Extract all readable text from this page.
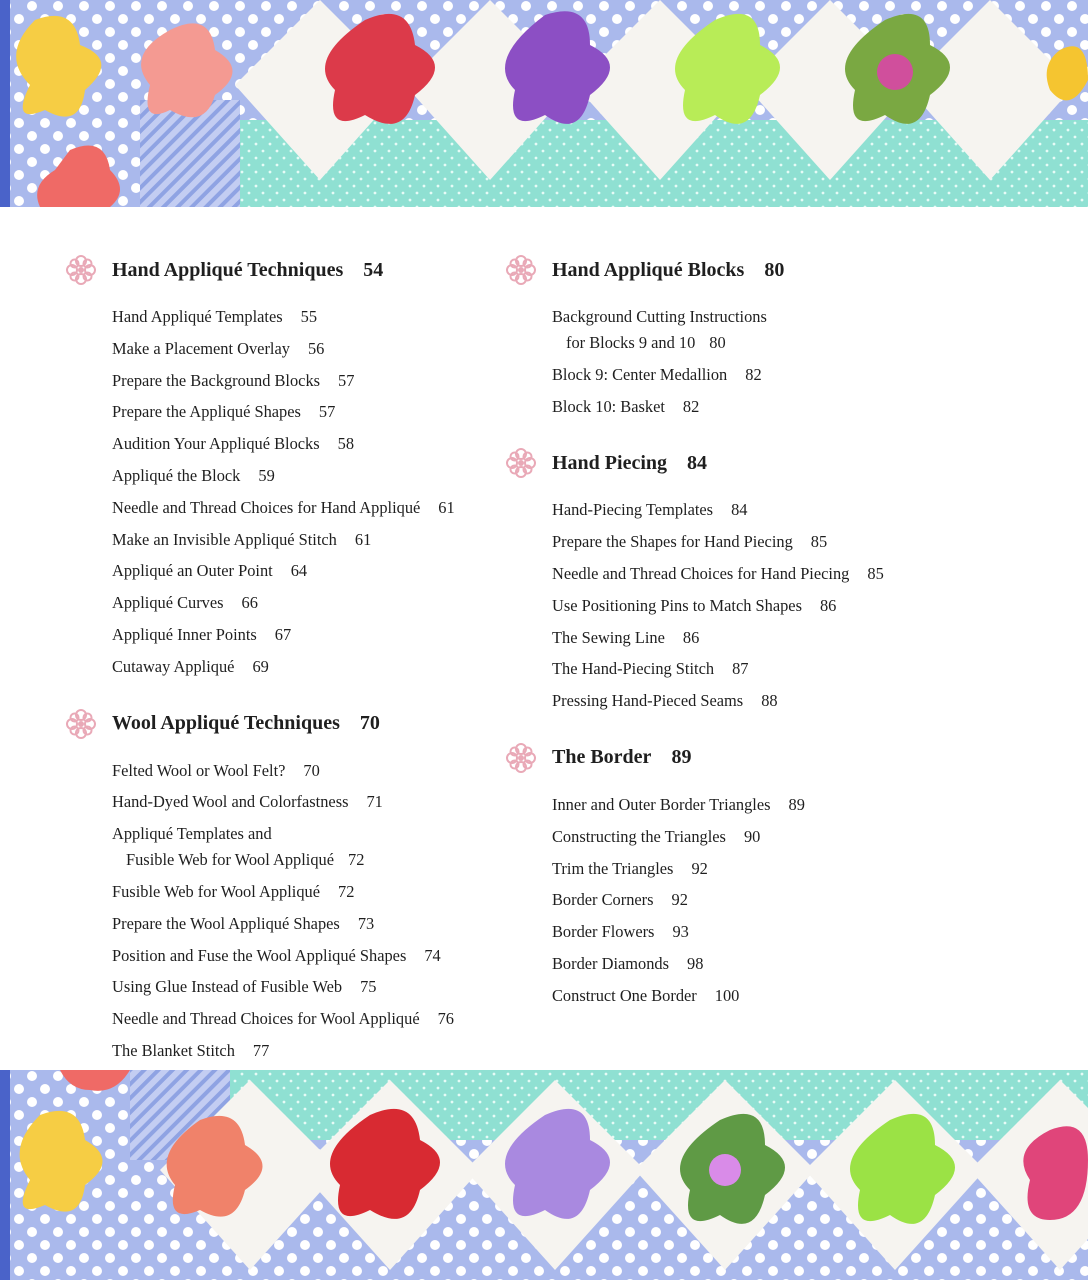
Hand Appliqué Techniques 54
Hand Appliqué Templates 55
Make a Placement Overlay 56
Prepare the Background Blocks 57
Prepare the Appliqué Shapes 57
Audition Your Appliqué Blocks 58
Appliqué the Block 59
Needle and Thread Choices for Hand Appliqué 61
Make an Invisible Appliqué Stitch 61
Appliqué an Outer Point 64
Appliqué Curves 66
Appliqué Inner Points 67
Cutaway Appliqué 69
Wool Appliqué Techniques 70
Felted Wool or Wool Felt? 70
Hand-Dyed Wool and Colorfastness 71
Appliqué Templates and
Fusible Web for Wool Appliqué 72
Fusible Web for Wool Appliqué 72
Prepare the Wool Appliqué Shapes 73
Position and Fuse the Wool Appliqué Shapes 74
Using Glue Instead of Fusible Web 75
Needle and Thread Choices for Wool Appliqué 76
The Blanket Stitch 77
Hand Appliqué Blocks 80
Background Cutting Instructions
for Blocks 9 and 10 80
Block 9: Center Medallion 82
Block 10: Basket 82
Hand Piecing 84
Hand-Piecing Templates 84
Prepare the Shapes for Hand Piecing 85
Needle and Thread Choices for Hand Piecing 85
Use Positioning Pins to Match Shapes 86
The Sewing Line 86
The Hand-Piecing Stitch 87
Pressing Hand-Pieced Seams 88
The Border 89
Inner and Outer Border Triangles 89
Constructing the Triangles 90
Trim the Triangles 92
Border Corners 92
Border Flowers 93
Border Diamonds 98
Construct One Border 100
